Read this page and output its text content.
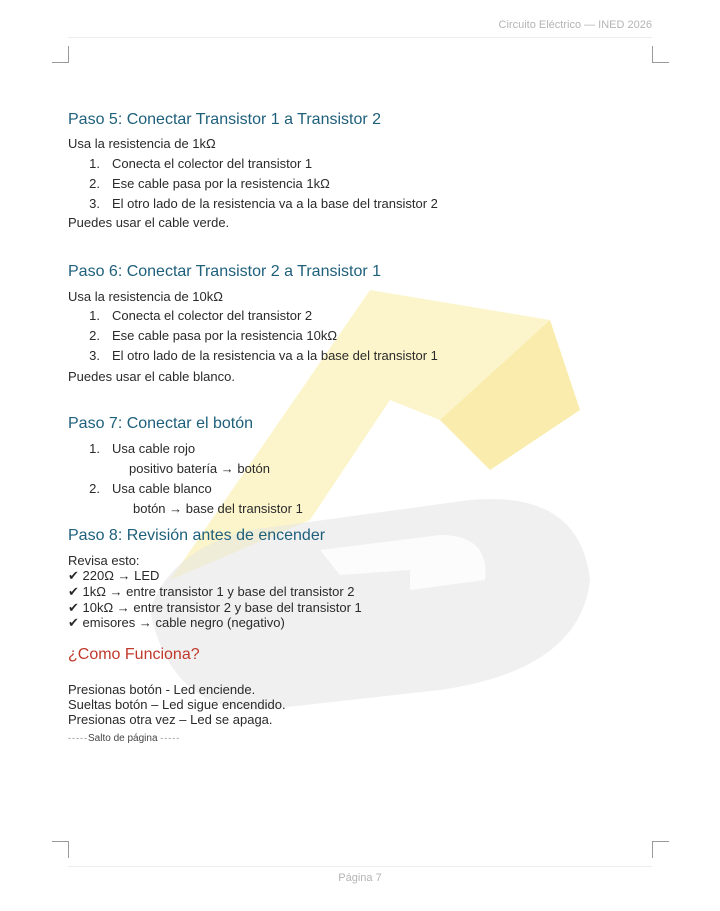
Circuito Eléctrico — INED 2026
Página 7
Paso 5: Conectar Transistor 1 a Transistor 2
Usa la resistencia de 1kΩ
1. Conecta el colector del transistor 1
2. Ese cable pasa por la resistencia 1kΩ
3. El otro lado de la resistencia va a la base del transistor 2
Puedes usar el cable verde.
Paso 6: Conectar Transistor 2 a Transistor 1
Usa la resistencia de 10kΩ
1. Conecta el colector del transistor 2
2. Ese cable pasa por la resistencia 10kΩ
3. El otro lado de la resistencia va a la base del transistor 1
Puedes usar el cable blanco.
Paso 7: Conectar el botón
1. Usa cable rojo
positivo batería → botón
2. Usa cable blanco
botón → base del transistor 1
Paso 8: Revisión antes de encender
Revisa esto:
✔ 220Ω → LED
✔ 1kΩ → entre transistor 1 y base del transistor 2
✔ 10kΩ → entre transistor 2 y base del transistor 1
✔ emisores → cable negro (negativo)
¿Como Funciona?
Presionas botón - Led enciende.
Sueltas botón – Led sigue encendido.
Presionas otra vez – Led se apaga.
-----Salto de página -----
